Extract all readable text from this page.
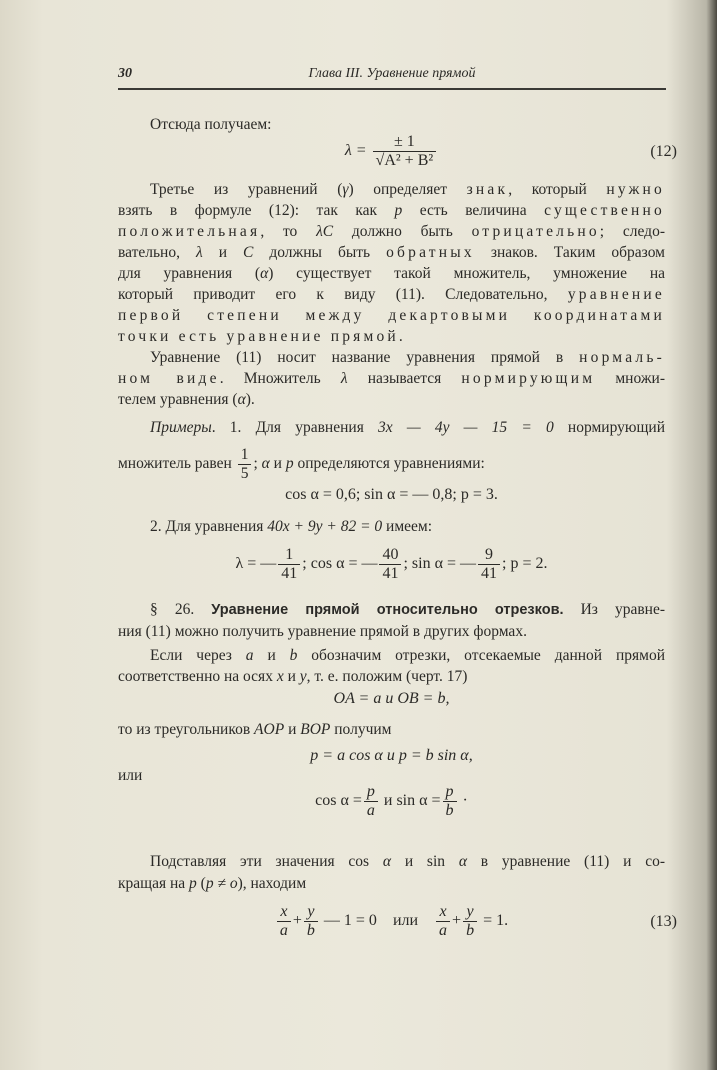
30	Глава III. Уравнение прямой
Отсюда получаем:
$\lambda = \frac{\pm 1}{\text{√A² + B²}}$	(12)
Третье из уравнений (γ) определяет знак, который нужно
взять в формуле (12): так как p есть величина существенно
положительная, то λC должно быть отрицательно; следо-
вательно, λ и C должны быть обратных знаков. Таким образом
для уравнения (α) существует такой множитель, умножение на
который приводит его к виду (11). Следовательно, уравнение
первой степени между декартовыми координатами
точки есть уравнение прямой.
Уравнение (11) носит название уравнения прямой в нормаль-
ном виде. Множитель λ называется нормирующим множи-
телем уравнения (α).
Примеры. 1. Для уравнения 3x — 4y — 15 = 0 нормирующий
§ 26. Уравнение прямой относительно отрезков. Из уравне-
ния (11) можно получить уравнение прямой в других формах.
Если через a и b обозначим отрезки, отсекаемые данной прямой
соответственно на осях x и y, т. е. положим (черт. 17)
то из треугольников AOP и BOP получим
или
Подставляя эти значения cos α и sin α в уравнение (11) и со-
кращая на p (p ≠ o), находим
множитель равен $\frac{1}{5}$ ; α и p определяются уравнениями:
cos α = 0,6; sin α = — 0,8; p = 3.
2. Для уравнения 40x + 9y + 82 = 0 имеем:
λ = — $\frac{1}{41}$ ; cos α = — $\frac{40}{41}$ ; sin α = — $\frac{9}{41}$ ; p = 2.
OA = a и OB = b,
p = a cos α и p = b sin α,
$\cos \alpha = \frac{p}{a}$ и $\sin \alpha = \frac{p}{b}$ ·
$\frac{x}{a} + \frac{y}{b}$ — 1 = 0 или $\frac{x}{a} + \frac{y}{b} = 1$.	(13)
